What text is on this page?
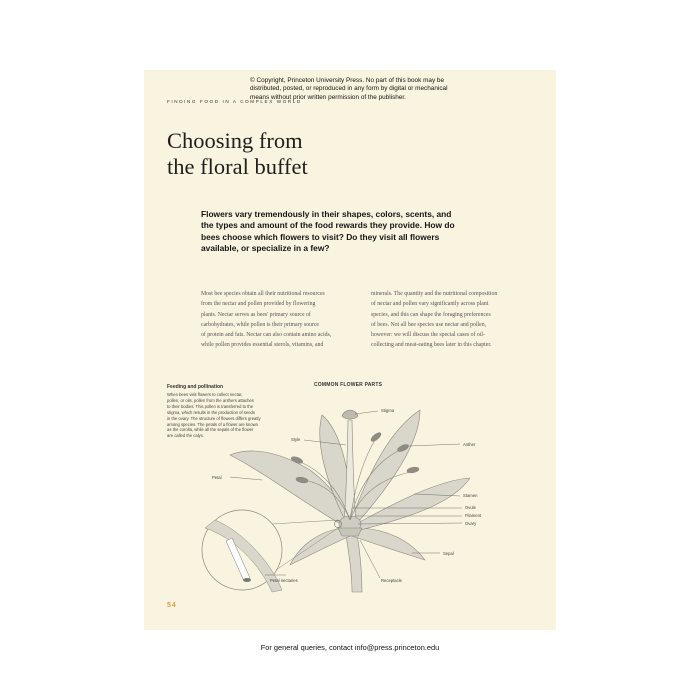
© Copyright, Princeton University Press. No part of this book may be
distributed, posted, or reproduced in any form by digital or mechanical
means without prior written permission of the publisher.
FINDING FOOD IN A COMPLEX WORLD
Choosing from
the floral buffet
Flowers vary tremendously in their shapes, colors, scents, and the types and amount of the food rewards they provide. How do bees choose which flowers to visit? Do they visit all flowers available, or specialize in a few?
Most bee species obtain all their nutritional resources
from the nectar and pollen provided by flowering
plants. Nectar serves as bees' primary source of
carbohydrates, while pollen is their primary source
of protein and fats. Nectar can also contain amino acids,
while pollen provides essential sterols, vitamins, and
minerals. The quantity and the nutritional composition
of nectar and pollen vary significantly across plant
species, and this can shape the foraging preferences
of bees. Not all bee species use nectar and pollen,
however: we will discuss the special cases of oil-
collecting and meat-eating bees later in this chapter.
Feeding and pollination
When bees visit flowers to collect nectar,
pollen, or oils, pollen from the anthers attaches
to their bodies. This pollen is transferred to the
stigma, which results in the production of seeds
in the ovary. The structure of flowers differs greatly
among species. The petals of a flower are known
as the corolla, while all the sepals of the flower
are called the calyx.
COMMON FLOWER PARTS
Stigma
Style
Anther
Petal
Stamen
Ovule
Filament
Ovary
Sepal
Receptacle
Petal nectaries
54
For general queries, contact info@press.princeton.edu
